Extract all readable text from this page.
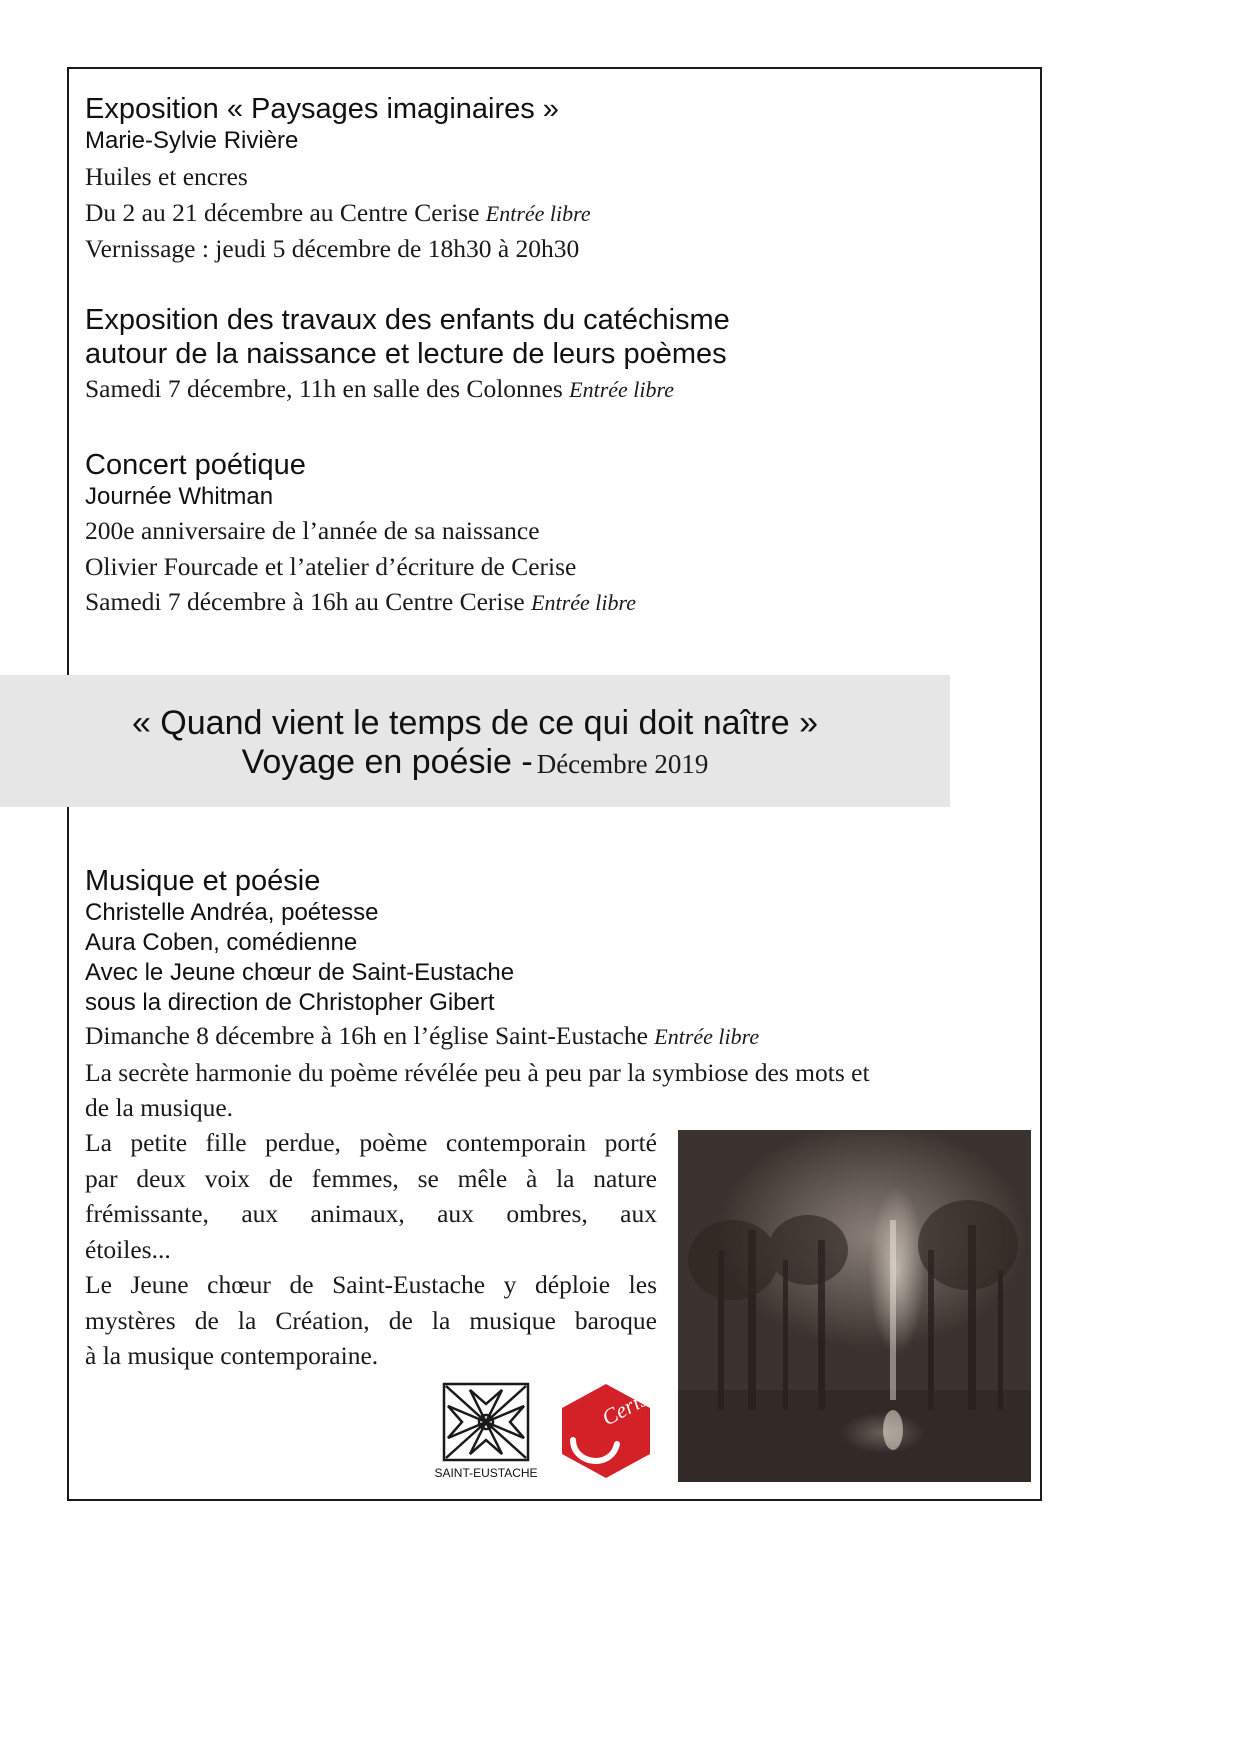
Exposition « Paysages imaginaires »
Marie-Sylvie Rivière
Huiles et encres
Du 2 au 21 décembre au Centre Cerise Entrée libre
Vernissage : jeudi 5 décembre de 18h30 à 20h30
Exposition des travaux des enfants du catéchisme
autour de la naissance et lecture de leurs poèmes
Samedi 7 décembre, 11h en salle des Colonnes Entrée libre
Concert poétique
Journée Whitman
200e anniversaire de l’année de sa naissance
Olivier Fourcade et l’atelier d’écriture de Cerise
Samedi 7 décembre à 16h au Centre Cerise Entrée libre
« Quand vient le temps de ce qui doit naître »
Voyage en poésie - Décembre 2019
Musique et poésie
Christelle Andréa, poétesse
Aura Coben, comédienne
Avec le Jeune chœur de Saint-Eustache
sous la direction de Christopher Gibert
Dimanche 8 décembre à 16h en l’église Saint-Eustache Entrée libre
La secrète harmonie du poème révélée peu à peu par la symbiose des mots et
de la musique.
La petite fille perdue, poème contemporain porté
par deux voix de femmes, se mêle à la nature
frémissante, aux animaux, aux ombres, aux
étoiles...
Le Jeune chœur de Saint-Eustache y déploie les
mystères de la Création, de la musique baroque
à la musique contemporaine.
SAINT-EUSTACHE
Cerise
